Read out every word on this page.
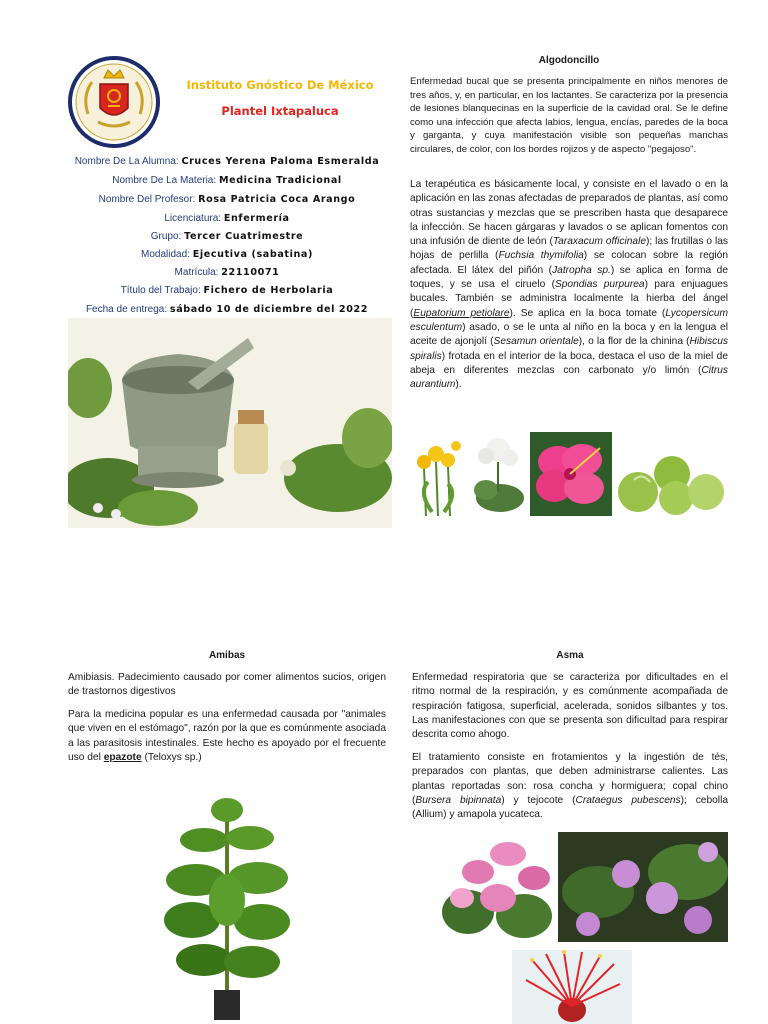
Instituto Gnóstico De México
Plantel Ixtapaluca
Nombre De La Alumna: Cruces Yerena Paloma Esmeralda
Nombre De La Materia: Medicina Tradicional
Nombre Del Profesor: Rosa Patricia Coca Arango
Licenciatura: Enfermería
Grupo: Tercer Cuatrimestre
Modalidad: Ejecutiva (sabatina)
Matrícula: 22110071
Título del Trabajo: Fichero de Herbolaria
Fecha de entrega: sábado 10 de diciembre del 2022
Algodoncillo

Enfermedad bucal que se presenta principalmente en niños menores de tres años, y, en particular, en los lactantes. Se caracteriza por la presencia de lesiones blanquecinas en la superficie de la cavidad oral. Se le define como una infección que afecta labios, lengua, encías, paredes de la boca y garganta, y cuya manifestación visible son pequeñas manchas circulares, de color, con los bordes rojizos y de aspecto "pegajoso".

La terapéutica es básicamente local, y consiste en el lavado o en la aplicación en las zonas afectadas de preparados de plantas, así como otras sustancias y mezclas que se prescriben hasta que desaparece la infección. Se hacen gárgaras y lavados o se aplican fomentos con una infusión de diente de león (Taraxacum officinale); las frutillas o las hojas de perlilla (Fuchsia thymifolia) se colocan sobre la región afectada. El látex del piñón (Jatropha sp.) se aplica en forma de toques, y se usa el ciruelo (Spondias purpurea) para enjuagues bucales. También se administra localmente la hierba del ángel (Eupatorium petiolare). Se aplica en la boca tomate (Lycopersicum esculentum) asado, o se le unta al niño en la boca y en la lengua el aceite de ajonjolí (Sesamun orientale), o la flor de la chinina (Hibiscus spiralis) frotada en el interior de la boca, destaca el uso de la miel de abeja en diferentes mezclas con carbonato y/o limón (Citrus aurantium).

Amibas

Amibiasis. Padecimiento causado por comer alimentos sucios, origen de trastornos digestivos

Para la medicina popular es una enfermedad causada por "animales que viven en el estómago", razón por la que es comúnmente asociada a las parasitosis intestinales. Este hecho es apoyado por el frecuente uso del epazote (Teloxys sp.)

Asma

Enfermedad respiratoria que se caracteriza por dificultades en el ritmo normal de la respiración, y es comúnmente acompañada de respiración fatigosa, superficial, acelerada, sonidos silbantes y tos. Las manifestaciones con que se presenta son dificultad para respirar descrita como ahogo.

El tratamiento consiste en frotamientos y la ingestión de tés, preparados con plantas, que deben administrarse calientes. Las plantas reportadas son: rosa concha y hormiguera; copal chino (Bursera bipinnata) y tejocote (Crataegus pubescens); cebolla (Allium) y amapola yucateca.
